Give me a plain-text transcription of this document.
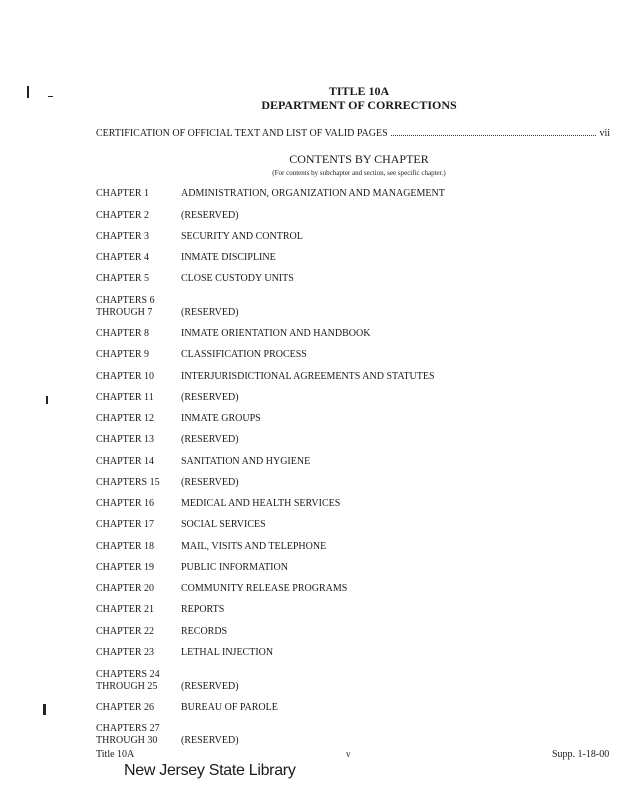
TITLE 10A
DEPARTMENT OF CORRECTIONS
CERTIFICATION OF OFFICIAL TEXT AND LIST OF VALID PAGES	vii
CONTENTS BY CHAPTER
(For contents by subchapter and section, see specific chapter.)
CHAPTER 1	ADMINISTRATION, ORGANIZATION AND MANAGEMENT
CHAPTER 2	(RESERVED)
CHAPTER 3	SECURITY AND CONTROL
CHAPTER 4	INMATE DISCIPLINE
CHAPTER 5	CLOSE CUSTODY UNITS
CHAPTERS 6
THROUGH 7	(RESERVED)
CHAPTER 8	INMATE ORIENTATION AND HANDBOOK
CHAPTER 9	CLASSIFICATION PROCESS
CHAPTER 10	INTERJURISDICTIONAL AGREEMENTS AND STATUTES
CHAPTER 11	(RESERVED)
CHAPTER 12	INMATE GROUPS
CHAPTER 13	(RESERVED)
CHAPTER 14	SANITATION AND HYGIENE
CHAPTERS 15	(RESERVED)
CHAPTER 16	MEDICAL AND HEALTH SERVICES
CHAPTER 17	SOCIAL SERVICES
CHAPTER 18	MAIL, VISITS AND TELEPHONE
CHAPTER 19	PUBLIC INFORMATION
CHAPTER 20	COMMUNITY RELEASE PROGRAMS
CHAPTER 21	REPORTS
CHAPTER 22	RECORDS
CHAPTER 23	LETHAL INJECTION
CHAPTERS 24
THROUGH 25	(RESERVED)
CHAPTER 26	BUREAU OF PAROLE
CHAPTERS 27
THROUGH 30	(RESERVED)
Title 10A	v	Supp. 1-18-00
New Jersey State Library
